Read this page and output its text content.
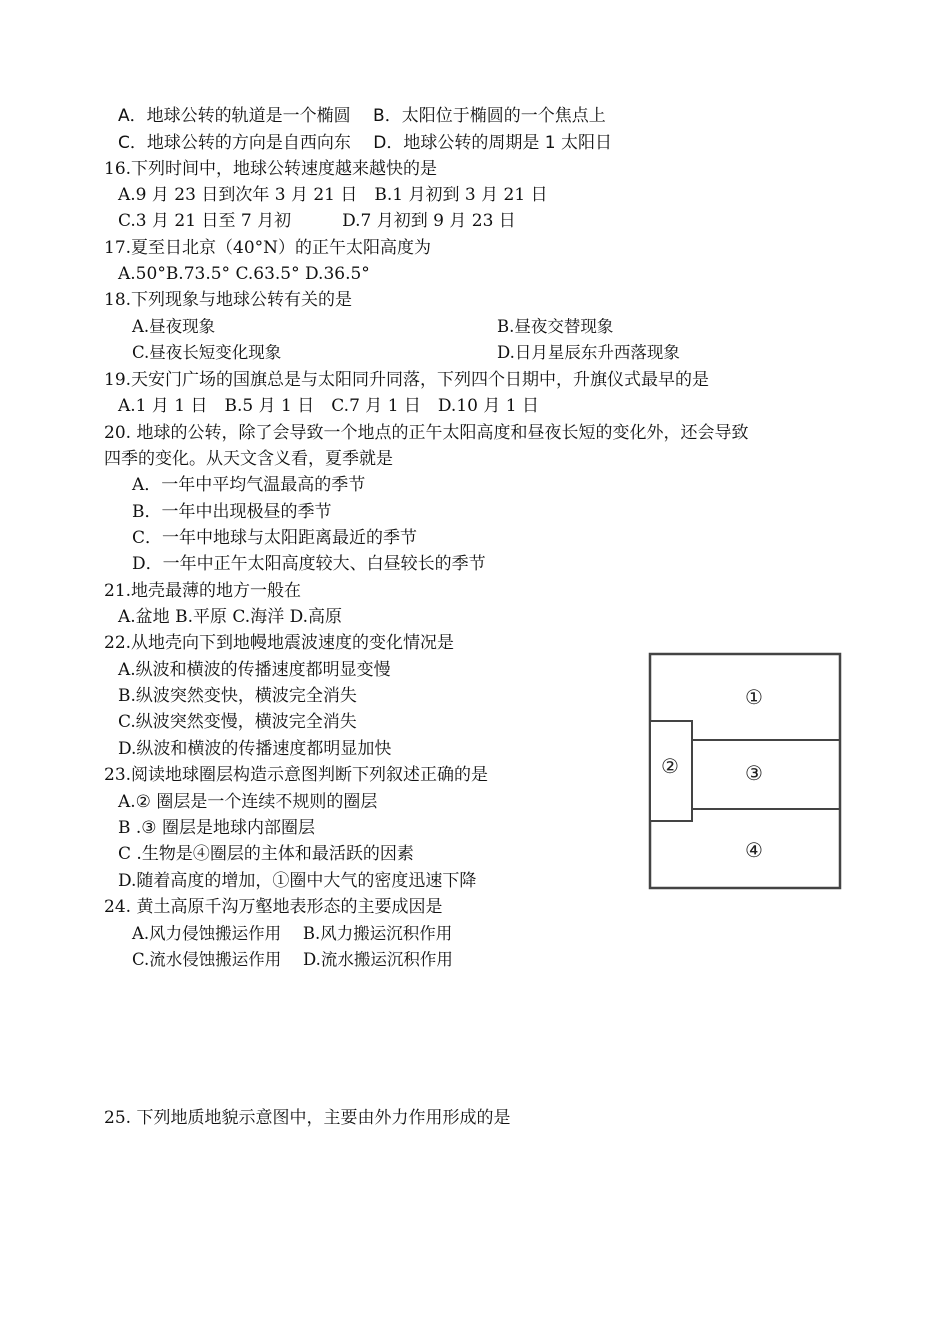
A．地球公转的轨道是一个椭圆　 B．太阳位于椭圆的一个焦点上
C．地球公转的方向是自西向东　 D．地球公转的周期是 1 太阳日
16.下列时间中，地球公转速度越来越快的是
A.9 月 23 日到次年 3 月 21 日　B.1 月初到 3 月 21 日
C.3 月 21 日至 7 月初　　　D.7 月初到 9 月 23 日
17.夏至日北京（40°N）的正午太阳高度为
A.50°B.73.5° C.63.5° D.36.5°
18.下列现象与地球公转有关的是
A.昼夜现象	B.昼夜交替现象
C.昼夜长短变化现象	D.日月星辰东升西落现象
19.天安门广场的国旗总是与太阳同升同落，下列四个日期中，升旗仪式最早的是
A.1 月 1 日　B.5 月 1 日　C.7 月 1 日　D.10 月 1 日
20. 地球的公转，除了会导致一个地点的正午太阳高度和昼夜长短的变化外，还会导致
四季的变化。从天文含义看，夏季就是
A．一年中平均气温最高的季节
B．一年中出现极昼的季节
C．一年中地球与太阳距离最近的季节
D．一年中正午太阳高度较大、白昼较长的季节
21.地壳最薄的地方一般在
A.盆地 B.平原 C.海洋 D.高原
22.从地壳向下到地幔地震波速度的变化情况是
A.纵波和横波的传播速度都明显变慢
B.纵波突然变快，横波完全消失
C.纵波突然变慢，横波完全消失
D.纵波和横波的传播速度都明显加快
23.阅读地球圈层构造示意图判断下列叙述正确的是
A.② 圈层是一个连续不规则的圈层
B .③ 圈层是地球内部圈层
C .生物是④圈层的主体和最活跃的因素
D.随着高度的增加，①圈中大气的密度迅速下降
24. 黄土高原千沟万壑地表形态的主要成因是
A.风力侵蚀搬运作用　 B.风力搬运沉积作用
C.流水侵蚀搬运作用　 D.流水搬运沉积作用
25. 下列地质地貌示意图中，主要由外力作用形成的是
①
②	③
④
